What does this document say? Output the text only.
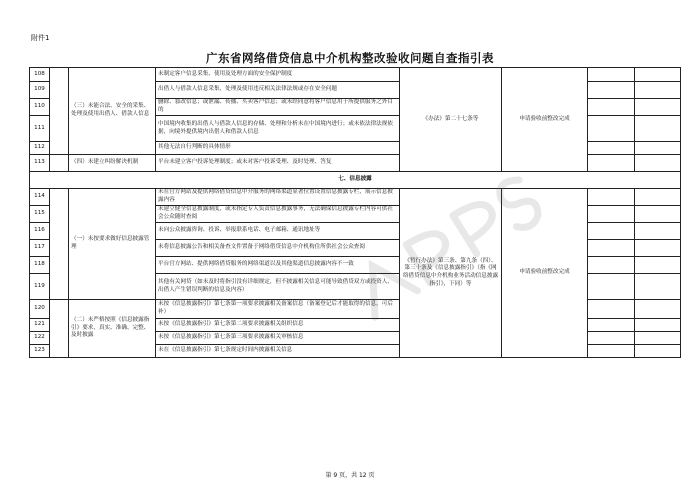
附件1
广东省网络借贷信息中介机构整改验收问题自查指引表
108		（三）未能合法、安全的采集、处理及使用出借人、借款人信息	未制定客户信息采集、使用及处理方面的安全保护制度	《办法》第二十七条等	申请验收前整改完成		
109			出借人与借款人信息采集、处理及使用违反相关法律法规或存在安全问题				
110			删除、篡改信息；或泄漏、传播、买卖客户信息；或未经同意将客户信息用于所提供服务之外目的				
111			中国境内收集的出借人与借款人信息的存储、处理和分析未在中国境内进行；或未依法律法规依据，向境外提供境内出借人和借款人信息				
112			其他无法自行判断的具体情形				
113		（四）未建立纠纷解决机制	平台未建立客户投诉处理制度；或未对客户投诉受理、及时处理、答复				
七、信息披露							
114		（一）未按要求做好信息披露管理	未在官方网站及提供网络借贷信息中介服务的网络渠道显著位置设置信息披露专栏，展示信息披露内容	《暂行办法》第三条、第九条（四）、第三十条及《信息披露指引》（指《网络借贷信息中介机构业务活动信息披露指引》，下同）等	申请验收前整改完成		
115			未建立健全信息披露制度，或未指定专人负责信息披露事务，无法确保信息披露专栏内容可供社会公众随时查阅				
116			未向公众披露咨询、投诉、举报联系电话、电子邮箱、通讯地址等				
117			未将信息披露公告和相关备查文件置备于网络借贷信息中介机构住所供社会公众查阅				
118			平台官方网站、提供网络借贷服务的网络渠道以及其他渠道信息披露内容不一致				
119			其他有关网贷（如未及时将指引没有详细规定，但不披露相关信息可能导致借贷双方或投资人、出借人产生错误判断的信息及内容）				
120		（二）未严格按照《信息披露指引》要求，真实、准确、完整、及时披露	未按《信息披露指引》第七条第一项要求披露相关备案信息（备案登记后才能取得的信息，可后补）				
121			未按《信息披露指引》第七条第二项要求披露相关组织信息				
122			未按《信息披露指引》第七条第三项要求披露相关审核信息				
123			未在《信息披露指引》第七条规定时间内披露相关信息				
第 9 页，共 12 页
